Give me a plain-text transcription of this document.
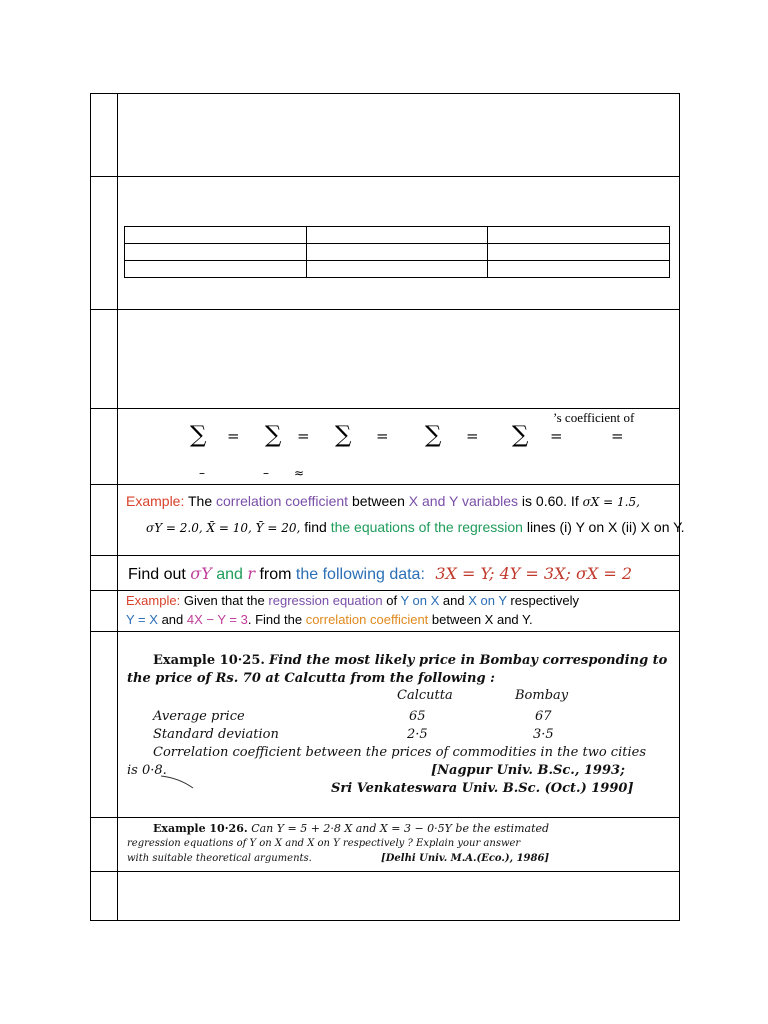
’s coefficient of
∑ = ∑ = ∑ = ∑ = ∑ =	=
–	– ≈
Example: The correlation coefficient between X and Y variables is 0.60. If σX = 1.5,
σY = 2.0, X̄ = 10, Ȳ = 20, find the equations of the regression lines (i) Y on X (ii) X on Y.
Find out σY and r from the following data: 3X = Y; 4Y = 3X; σX = 2
Example: Given that the regression equation of Y on X and X on Y respectively
Y = X and 4X − Y = 3. Find the correlation coefficient between X and Y.
Example 10·25. Find the most likely price in Bombay corresponding to
the price of Rs. 70 at Calcutta from the following :
Calcutta	Bombay
Average price	65	67
Standard deviation	2·5	3·5
Correlation coefficient between the prices of commodities in the two cities
is 0·8.	[Nagpur Univ. B.Sc., 1993;
Sri Venkateswara Univ. B.Sc. (Oct.) 1990]
Example 10·26. Can Y = 5 + 2·8 X and X = 3 − 0·5Y be the estimated
regression equations of Y on X and X on Y respectively ? Explain your answer
with suitable theoretical arguments.	[Delhi Univ. M.A.(Eco.), 1986]
